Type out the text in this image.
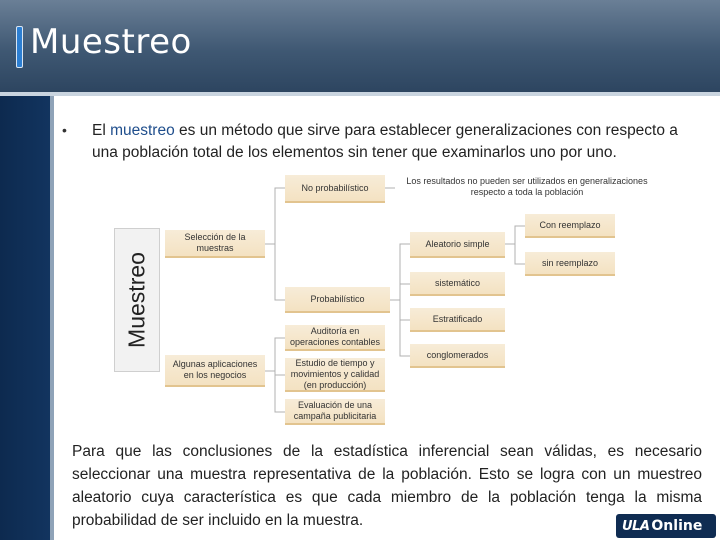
Muestreo
• El muestreo es un método que sirve para establecer generalizaciones con respecto a una población total de los elementos sin tener que examinarlos uno por uno.
Muestreo
No probabilístico
Los resultados no pueden ser utilizados en generalizaciones respecto a toda la población
Selección de la muestras
Probabilístico
Aleatorio simple
Con reemplazo
sin reemplazo
sistemático
Estratificado
conglomerados
Algunas aplicaciones en los negocios
Auditoría en operaciones contables
Estudio de tiempo y movimientos y calidad (en producción)
Evaluación de una campaña publicitaria
Para que las conclusiones de la estadística inferencial sean válidas, es necesario seleccionar una muestra representativa de la población. Esto se logra con un muestreo aleatorio cuya característica es que cada miembro de la población tenga la misma probabilidad de ser incluido en la muestra.	ULA Online
